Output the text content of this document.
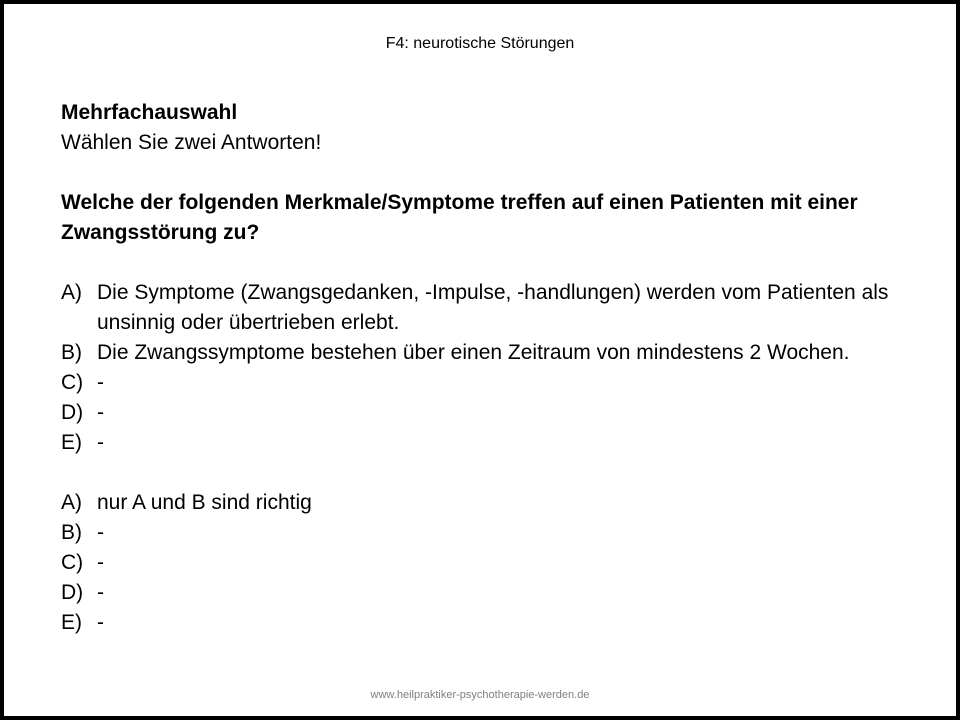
F4: neurotische Störungen
Mehrfachauswahl
Wählen Sie zwei Antworten!
Welche der folgenden Merkmale/Symptome treffen auf einen Patienten mit einer Zwangsstörung zu?
A) Die Symptome (Zwangsgedanken, -Impulse, -handlungen) werden vom Patienten als unsinnig oder übertrieben erlebt.
B) Die Zwangssymptome bestehen über einen Zeitraum von mindestens 2 Wochen.
C) -
D) -
E) -
A) nur A und B sind richtig
B) -
C) -
D) -
E) -
www.heilpraktiker-psychotherapie-werden.de
